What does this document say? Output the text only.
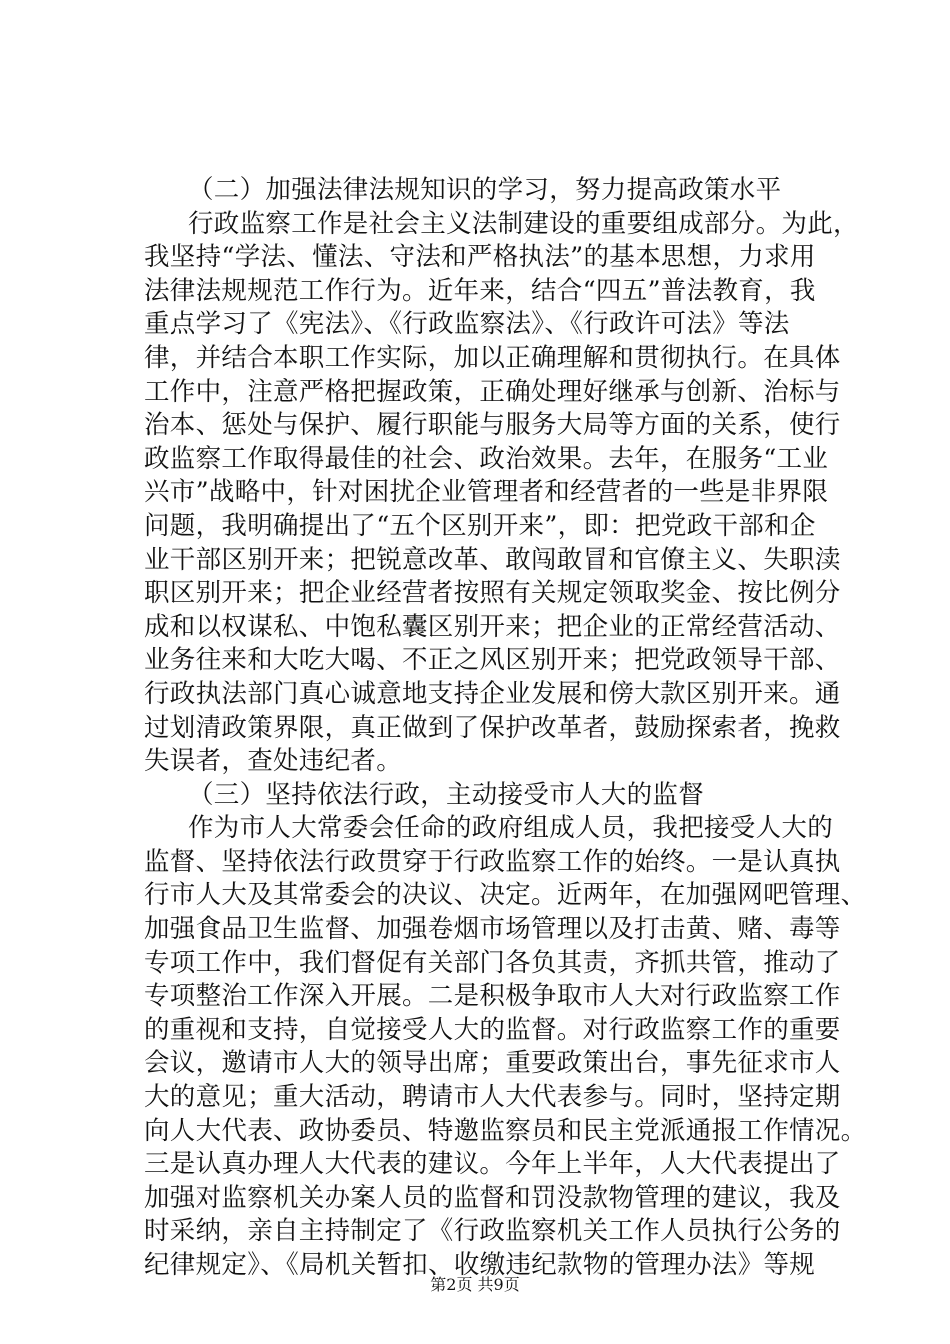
（二）加强法律法规知识的学习，努力提高政策水平
行政监察工作是社会主义法制建设的重要组成部分。为此，
我坚持“学法、懂法、守法和严格执法”的基本思想，力求用
法律法规规范工作行为。近年来，结合“四五”普法教育，我
重点学习了《宪法》、《行政监察法》、《行政许可法》等法
律，并结合本职工作实际，加以正确理解和贯彻执行。在具体
工作中，注意严格把握政策，正确处理好继承与创新、治标与
治本、惩处与保护、履行职能与服务大局等方面的关系，使行
政监察工作取得最佳的社会、政治效果。去年，在服务“工业
兴市”战略中，针对困扰企业管理者和经营者的一些是非界限
问题，我明确提出了“五个区别开来”，即：把党政干部和企
业干部区别开来；把锐意改革、敢闯敢冒和官僚主义、失职渎
职区别开来；把企业经营者按照有关规定领取奖金、按比例分
成和以权谋私、中饱私囊区别开来；把企业的正常经营活动、
业务往来和大吃大喝、不正之风区别开来；把党政领导干部、
行政执法部门真心诚意地支持企业发展和傍大款区别开来。通
过划清政策界限，真正做到了保护改革者，鼓励探索者，挽救
失误者，查处违纪者。
（三）坚持依法行政，主动接受市人大的监督
作为市人大常委会任命的政府组成人员，我把接受人大的
监督、坚持依法行政贯穿于行政监察工作的始终。一是认真执
行市人大及其常委会的决议、决定。近两年，在加强网吧管理、
加强食品卫生监督、加强卷烟市场管理以及打击黄、赌、毒等
专项工作中，我们督促有关部门各负其责，齐抓共管，推动了
专项整治工作深入开展。二是积极争取市人大对行政监察工作
的重视和支持，自觉接受人大的监督。对行政监察工作的重要
会议，邀请市人大的领导出席；重要政策出台，事先征求市人
大的意见；重大活动，聘请市人大代表参与。同时，坚持定期
向人大代表、政协委员、特邀监察员和民主党派通报工作情况。
三是认真办理人大代表的建议。今年上半年，人大代表提出了
加强对监察机关办案人员的监督和罚没款物管理的建议，我及
时采纳，亲自主持制定了《行政监察机关工作人员执行公务的
纪律规定》、《局机关暂扣、收缴违纪款物的管理办法》等规
第2页 共9页
